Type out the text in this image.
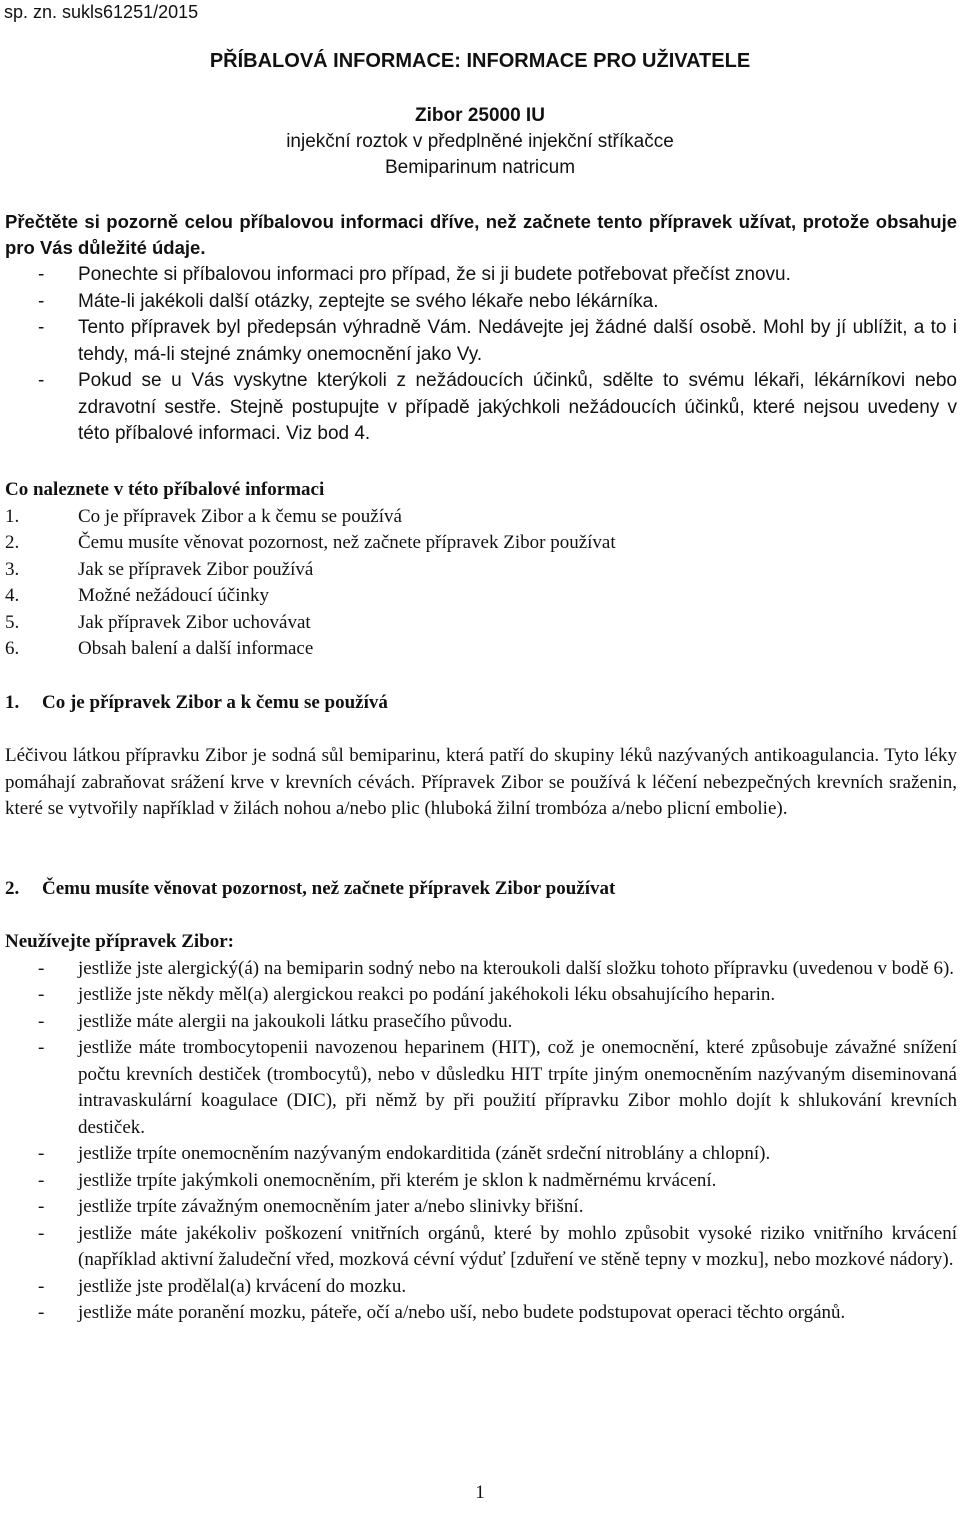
sp. zn. sukls61251/2015
PŘÍBALOVÁ INFORMACE: INFORMACE PRO UŽIVATELE
Zibor 25000 IU
injekční roztok v předplněné injekční stříkačce
Bemiparinum natricum
Přečtěte si pozorně celou příbalovou informaci dříve, než začnete tento přípravek užívat, protože obsahuje pro Vás důležité údaje.
- Ponechte si příbalovou informaci pro případ, že si ji budete potřebovat přečíst znovu.
- Máte-li jakékoli další otázky, zeptejte se svého lékaře nebo lékárníka.
- Tento přípravek byl předepsán výhradně Vám. Nedávejte jej žádné další osobě. Mohl by jí ublížit, a to i tehdy, má-li stejné známky onemocnění jako Vy.
- Pokud se u Vás vyskytne kterýkoli z nežádoucích účinků, sdělte to svému lékaři, lékárníkovi nebo zdravotní sestře. Stejně postupujte v případě jakýchkoli nežádoucích účinků, které nejsou uvedeny v této příbalové informaci. Viz bod 4.
Co naleznete v této příbalové informaci
1.	Co je přípravek Zibor a k čemu se používá
2.	Čemu musíte věnovat pozornost, než začnete přípravek Zibor používat
3.	Jak se přípravek Zibor používá
4.	Možné nežádoucí účinky
5.	Jak přípravek Zibor uchovávat
6.	Obsah balení a další informace
1. Co je přípravek Zibor a k čemu se používá
Léčivou látkou přípravku Zibor je sodná sůl bemiparinu, která patří do skupiny léků nazývaných antikoagulancia. Tyto léky pomáhají zabraňovat srážení krve v krevních cévách. Přípravek Zibor se používá k léčení nebezpečných krevních sraženin, které se vytvořily například v žilách nohou a/nebo plic (hluboká žilní trombóza a/nebo plicní embolie).
2. Čemu musíte věnovat pozornost, než začnete přípravek Zibor používat
Neužívejte přípravek Zibor:
- jestliže jste alergický(á) na bemiparin sodný nebo na kteroukoli další složku tohoto přípravku (uvedenou v bodě 6).
- jestliže jste někdy měl(a) alergickou reakci po podání jakéhokoli léku obsahujícího heparin.
- jestliže máte alergii na jakoukoli látku prasečího původu.
- jestliže máte trombocytopenii navozenou heparinem (HIT), což je onemocnění, které způsobuje závažné snížení počtu krevních destiček (trombocytů), nebo v důsledku HIT trpíte jiným onemocněním nazývaným diseminovaná intravaskulární koagulace (DIC), při němž by při použití přípravku Zibor mohlo dojít k shlukování krevních destiček.
- jestliže trpíte onemocněním nazývaným endokarditida (zánět srdeční nitroblány a chlopní).
- jestliže trpíte jakýmkoli onemocněním, při kterém je sklon k nadměrnému krvácení.
- jestliže trpíte závažným onemocněním jater a/nebo slinivky břišní.
- jestliže máte jakékoliv poškození vnitřních orgánů, které by mohlo způsobit vysoké riziko vnitřního krvácení (například aktivní žaludeční vřed, mozková cévní výduť [zduření ve stěně tepny v mozku], nebo mozkové nádory).
- jestliže jste prodělal(a) krvácení do mozku.
- jestliže máte poranění mozku, páteře, očí a/nebo uší, nebo budete podstupovat operaci těchto orgánů.
1
